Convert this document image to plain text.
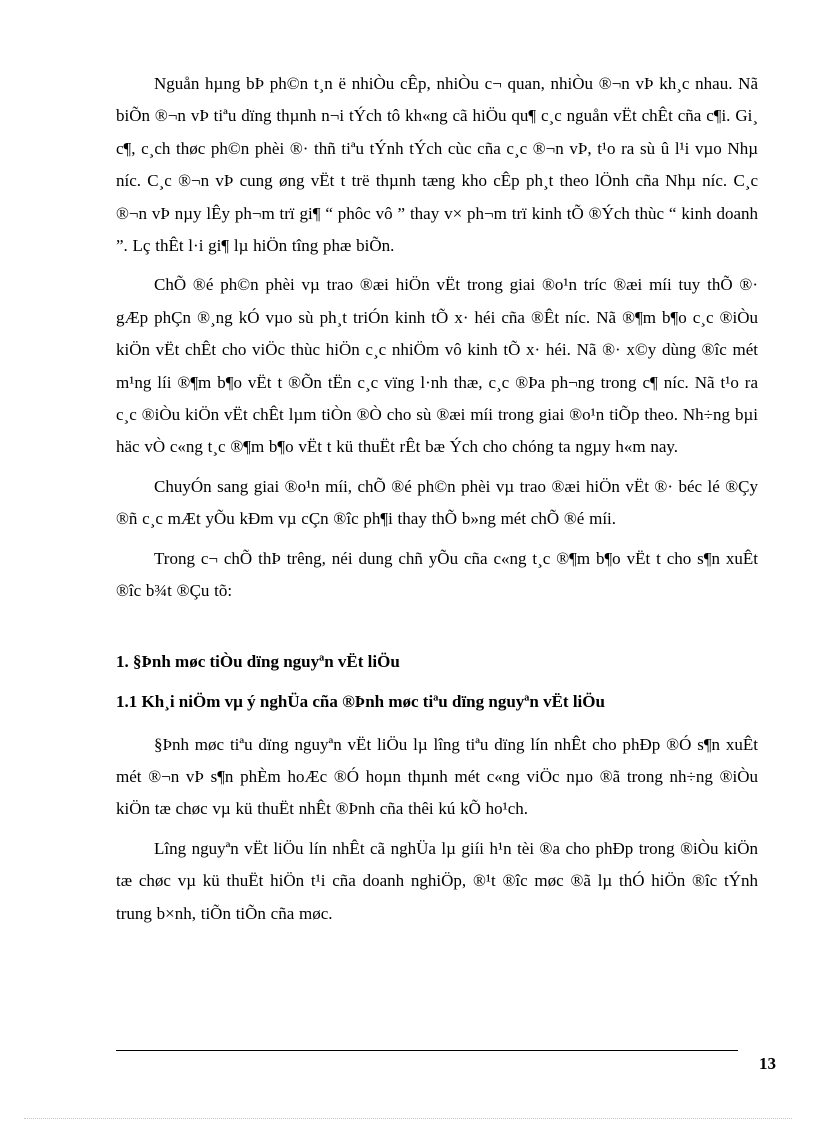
Nguån hµng bÞ ph©n t¸n ë nhiÒu cÊp, nhiÒu c¬ quan, nhiÒu ®¬n vÞ kh¸c nhau. Nã biÕn ®¬n vÞ tiªu dïng thµnh n¬i tÝch tô kh«ng cã hiÖu qu¶ c¸c nguån vËt chÊt cña c¶i. Gi¸ c¶, c¸ch thøc ph©n phèi ®· thñ tiªu tÝnh tÝch cùc cña c¸c ®¬n vÞ, t¹o ra sù û l¹i vµo Nhµ níc. C¸c ®¬n vÞ cung øng vËt t trë thµnh tæng kho cÊp ph¸t theo lÖnh cña Nhµ níc. C¸c ®¬n vÞ nµy lÊy ph¬m trï gi¶ “ phôc vô ” thay v× ph¬m trï kinh tÕ ®Ých thùc “ kinh doanh ”. Lç thÊt l·i gi¶ lµ hiÖn tîng phæ biÕn.

ChÕ ®é ph©n phèi vµ trao ®æi hiÖn vËt trong giai ®o¹n tríc ®æi míi tuy thÕ ®· gÆp phÇn ®¸ng kÓ vµo sù ph¸t triÓn kinh tÕ x· héi cña ®Êt níc. Nã ®¶m b¶o c¸c ®iÒu kiÖn vËt chÊt cho viÖc thùc hiÖn c¸c nhiÖm vô kinh tÕ x· héi. Nã ®· x©y dùng ®îc mét m¹ng líi ®¶m b¶o vËt t ®Õn tËn c¸c vïng l·nh thæ, c¸c ®Þa ph¬ng trong c¶ níc. Nã t¹o ra c¸c ®iÒu kiÖn vËt chÊt lµm tiÒn ®Ò cho sù ®æi míi trong giai ®o¹n tiÕp theo. Nh÷ng bµi häc vÒ c«ng t¸c ®¶m b¶o vËt t kü thuËt rÊt bæ Ých cho chóng ta ngµy h«m nay.

ChuyÓn sang giai ®o¹n míi, chÕ ®é ph©n phèi vµ trao ®æi hiÖn vËt ®· béc lé ®Çy ®ñ c¸c mÆt yÕu kÐm vµ cÇn ®îc ph¶i thay thÕ b»ng mét chÕ ®é míi.

Trong c¬ chÕ thÞ trêng, néi dung chñ yÕu cña c«ng t¸c ®¶m b¶o vËt t cho s¶n xuÊt ®îc b¾t ®Çu tõ:

1. §Þnh møc tiÒu dïng nguyªn vËt liÖu
1.1 Kh¸i niÖm vµ ý nghÜa cña ®Þnh møc tiªu dïng nguyªn vËt liÖu

§Þnh møc tiªu dïng nguyªn vËt liÖu lµ lîng tiªu dïng lín nhÊt cho phÐp ®Ó s¶n xuÊt mét ®¬n vÞ s¶n phÈm hoÆc ®Ó hoµn thµnh mét c«ng viÖc nµo ®ã trong nh÷ng ®iÒu kiÖn tæ chøc vµ kü thuËt nhÊt ®Þnh cña thêi kú kÕ ho¹ch.

Lîng nguyªn vËt liÖu lín nhÊt cã nghÜa lµ giíi h¹n tèi ®a cho phÐp trong ®iÒu kiÖn tæ chøc vµ kü thuËt hiÖn t¹i cña doanh nghiÖp, ®¹t ®îc møc ®ã lµ thÓ hiÖn ®îc tÝnh trung b×nh, tiÕn tiÕn cña møc.

13
